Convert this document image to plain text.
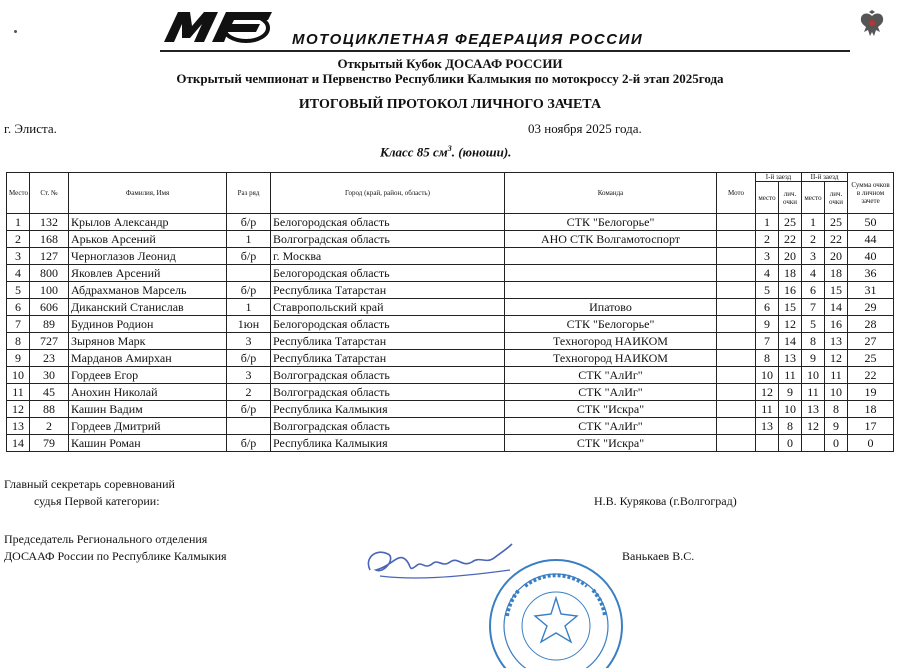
МОТОЦИКЛЕТНАЯ ФЕДЕРАЦИЯ РОССИИ
Открытый Кубок ДОСААФ РОССИИ
Открытый чемпионат и Первенство Республики Калмыкия по мотокроссу 2-й этап 2025года
ИТОГОВЫЙ ПРОТОКОЛ ЛИЧНОГО ЗАЧЕТА
г. Элиста.	03 ноября 2025 года.
Класс 85 $см^3$. (юноши).
Место	Ст. №	Фамилия, Имя	Раз ряд	Город (край, район, область)	Команда	Мото	I-й заезд		II-й заезд		Сумма очков в личном зачете
							место	лич. очки	место	лич. очки	
1	132	Крылов Александр	б/р	Белогородская область	СТК "Белогорье"		1	25	1	25	50
2	168	Арьков Арсений	1	Волгоградская область	АНО СТК Волгамотоспорт		2	22	2	22	44
3	127	Черноглазов Леонид	б/р	г. Москва			3	20	3	20	40
4	800	Яковлев Арсений		Белогородская область			4	18	4	18	36
5	100	Абдрахманов Марсель	б/р	Республика Татарстан			5	16	6	15	31
6	606	Диканский Станислав	1	Ставропольский край	Ипатово		6	15	7	14	29
7	89	Будинов Родион	1юн	Белогородская область	СТК "Белогорье"		9	12	5	16	28
8	727	Зырянов Марк	3	Республика Татарстан	Техногород НАИКОМ		7	14	8	13	27
9	23	Марданов Амирхан	б/р	Республика Татарстан	Техногород НАИКОМ		8	13	9	12	25
10	30	Гордеев Егор	3	Волгоградская область	СТК "АлИг"		10	11	10	11	22
11	45	Анохин Николай	2	Волгоградская область	СТК "АлИг"		12	9	11	10	19
12	88	Кашин Вадим	б/р	Республика Калмыкия	СТК "Искра"		11	10	13	8	18
13	2	Гордеев Дмитрий		Волгоградская область	СТК "АлИг"		13	8	12	9	17
14	79	Кашин Роман	б/р	Республика Калмыкия	СТК "Искра"			0		0	0
Главный секретарь соревнований
судья Первой категории:	Н.В. Курякова (г.Волгоград)
Председатель Регионального отделения
ДОСААФ России по Республике Калмыкия	Ванькаев В.С.
